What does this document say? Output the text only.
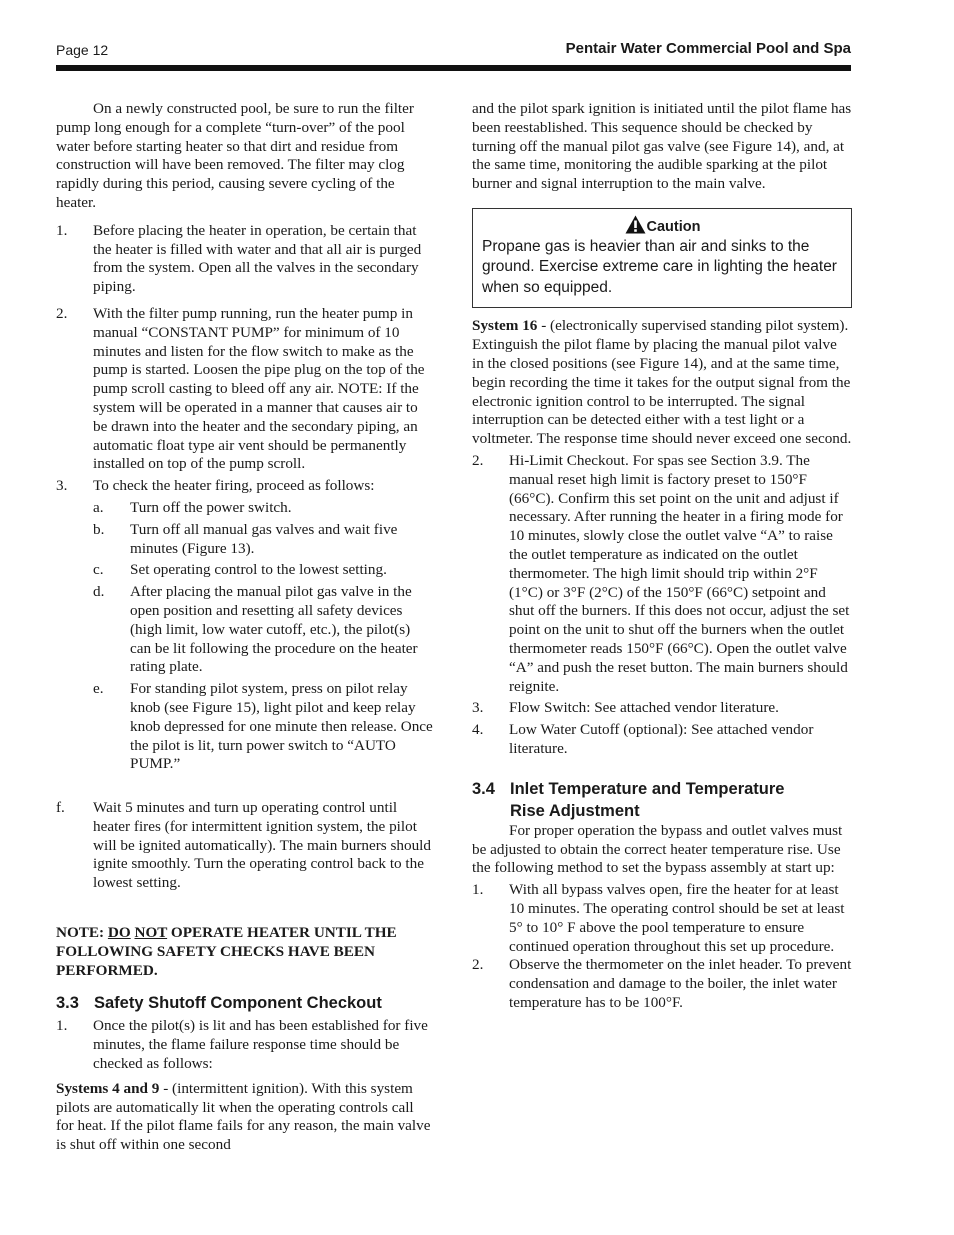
Page 12	Pentair Water Commercial Pool and Spa

On a newly constructed pool, be sure to run the filter pump long enough for a complete “turn-over” of the pool water before starting heater so that dirt and residue from construction will have been removed. The filter may clog rapidly during this period, causing severe cycling of the heater.

1. Before placing the heater in operation, be certain that the heater is filled with water and that all air is purged from the system. Open all the valves in the secondary piping.

2. With the filter pump running, run the heater pump in manual “CONSTANT PUMP” for minimum of 10 minutes and listen for the flow switch to make as the pump is started. Loosen the pipe plug on the top of the pump scroll casting to bleed off any air. NOTE: If the system will be operated in a manner that causes air to be drawn into the heater and the secondary piping, an automatic float type air vent should be permanently installed on top of the pump scroll.

3. To check the heater firing, proceed as follows:

a. Turn off the power switch.

b. Turn off all manual gas valves and wait five minutes (Figure 13).

c. Set operating control to the lowest setting.

d. After placing the manual pilot gas valve in the open position and resetting all safety devices (high limit, low water cutoff, etc.), the pilot(s) can be lit following the procedure on the heater rating plate.

e. For standing pilot system, press on pilot relay knob (see Figure 15), light pilot and keep relay knob depressed for one minute then release. Once the pilot is lit, turn power switch to “AUTO PUMP.”

f. Wait 5 minutes and turn up operating control until heater fires (for intermittent ignition system, the pilot will be ignited automatically). The main burners should ignite smoothly. Turn the operating control back to the lowest setting.

NOTE: DO NOT OPERATE HEATER UNTIL THE FOLLOWING SAFETY CHECKS HAVE BEEN PERFORMED.

3.3 Safety Shutoff Component Checkout
1. Once the pilot(s) is lit and has been established for five minutes, the flame failure response time should be checked as follows:

Systems 4 and 9 - (intermittent ignition). With this system pilots are automatically lit when the operating controls call for heat. If the pilot flame fails for any reason, the main valve is shut off within one second

and the pilot spark ignition is initiated until the pilot flame has been reestablished. This sequence should be checked by turning off the manual pilot gas valve (see Figure 14), and, at the same time, monitoring the audible sparking at the pilot burner and signal interruption to the main valve.

Caution

Propane gas is heavier than air and sinks to the ground. Exercise extreme care in lighting the heater when so equipped.

System 16 - (electronically supervised standing pilot system). Extinguish the pilot flame by placing the manual pilot valve in the closed positions (see Figure 14), and at the same time, begin recording the time it takes for the output signal from the electronic ignition control to be interrupted. The signal interruption can be detected either with a test light or a voltmeter. The response time should never exceed one second.

2. Hi-Limit Checkout. For spas see Section 3.9. The manual reset high limit is factory preset to 150°F (66°C). Confirm this set point on the unit and adjust if necessary. After running the heater in a firing mode for 10 minutes, slowly close the outlet valve “A” to raise the outlet temperature as indicated on the outlet thermometer. The high limit should trip within 2°F (1°C) or 3°F (2°C) of the 150°F (66°C) setpoint and shut off the burners. If this does not occur, adjust the set point on the unit to shut off the burners when the outlet thermometer reads 150°F (66°C). Open the outlet valve “A” and push the reset button. The main burners should reignite.

3. Flow Switch: See attached vendor literature.

4. Low Water Cutoff (optional): See attached vendor literature.

3.4 Inlet Temperature and Temperature
Rise Adjustment

For proper operation the bypass and outlet valves must be adjusted to obtain the correct heater temperature rise. Use the following method to set the bypass assembly at start up:

1. With all bypass valves open, fire the heater for at least 10 minutes. The operating control should be set at least 5° to 10° F above the pool temperature to ensure continued operation throughout this set up procedure.

2. Observe the thermometer on the inlet header. To prevent condensation and damage to the boiler, the inlet water temperature has to be 100°F.
